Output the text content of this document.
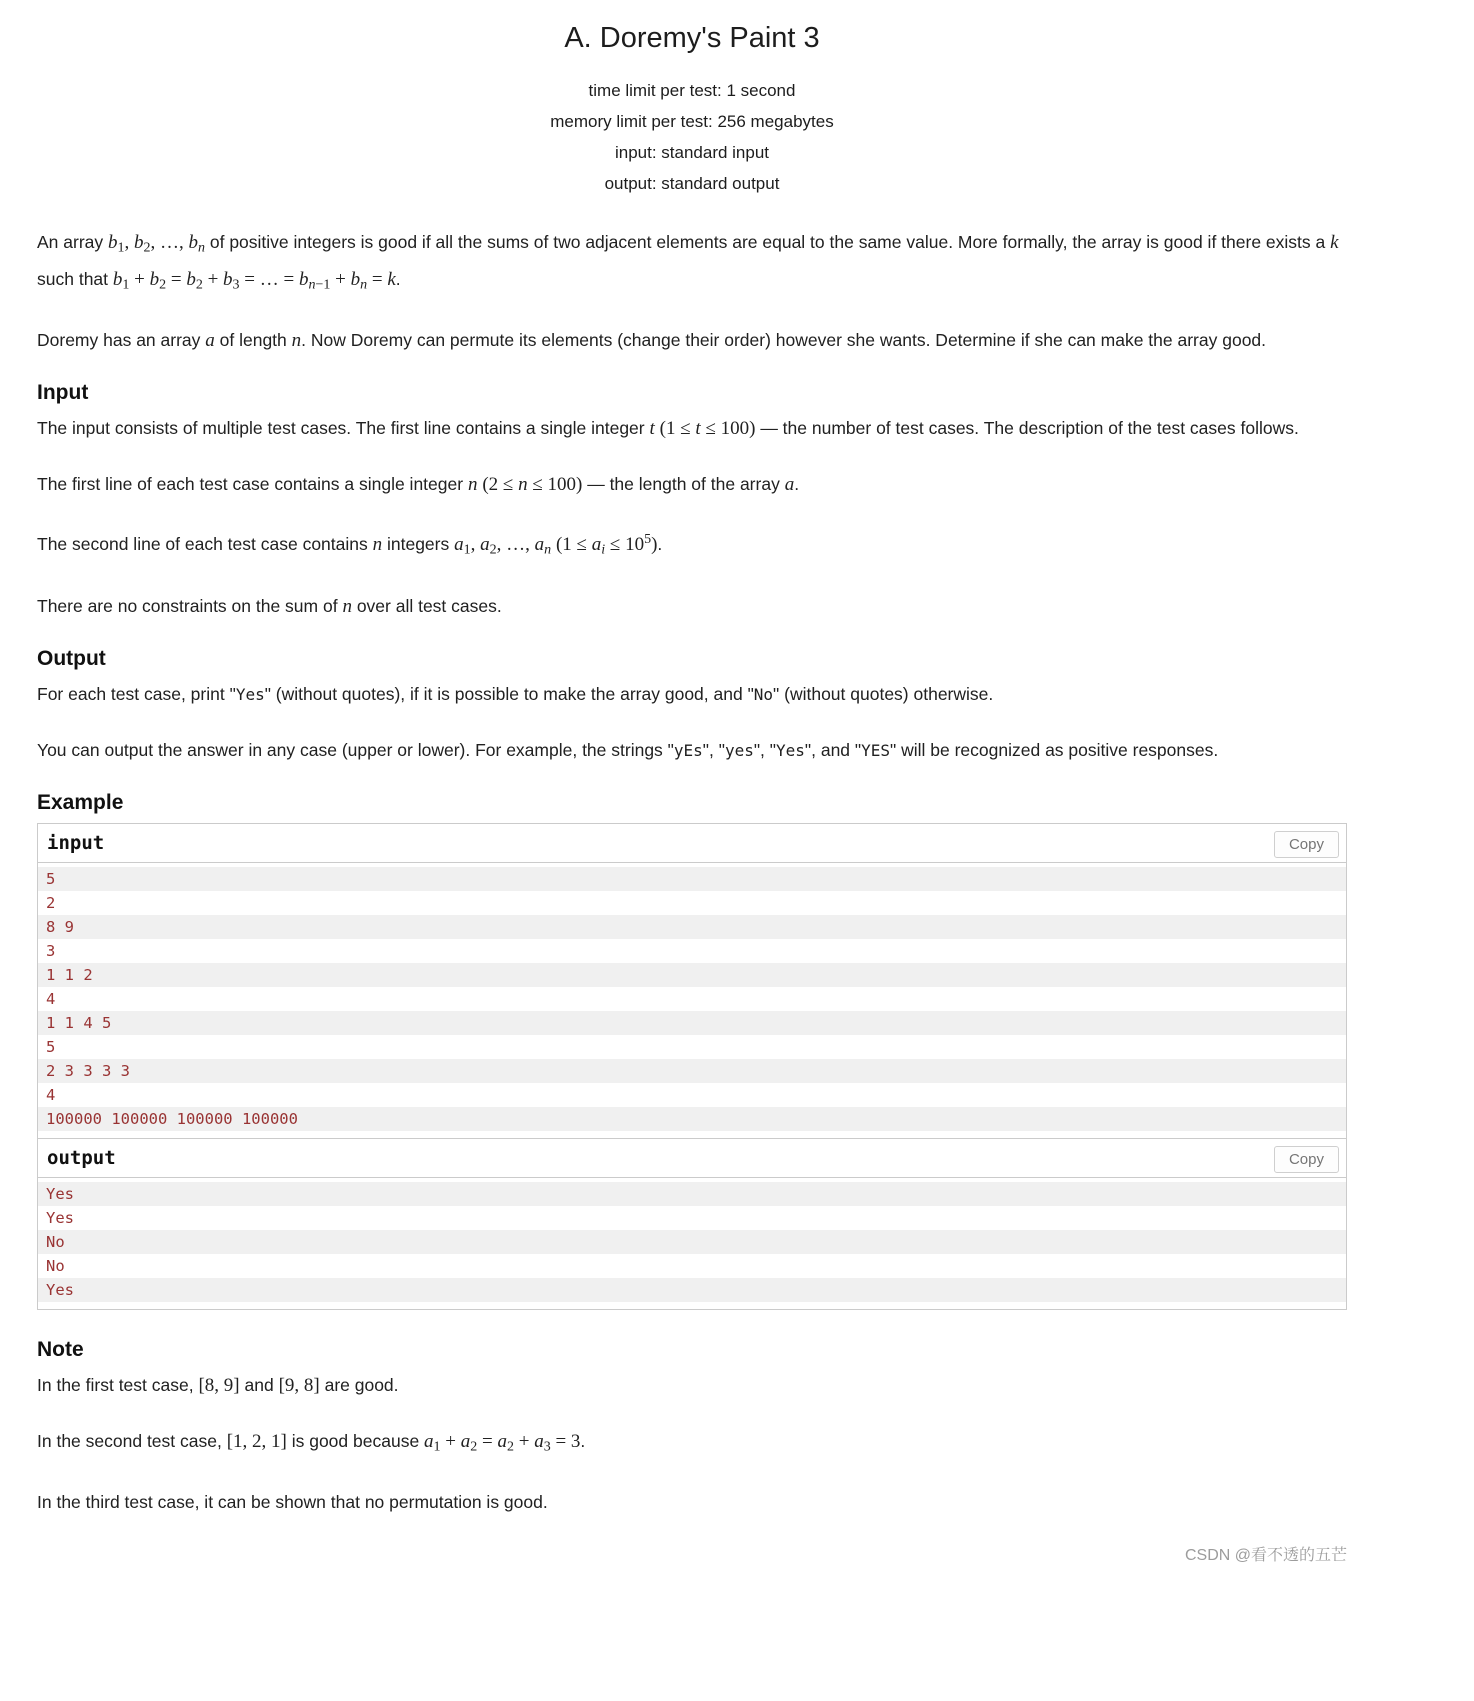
A. Doremy's Paint 3
time limit per test: 1 second
memory limit per test: 256 megabytes
input: standard input
output: standard output

An array $b_1$, $b_2$, …, $b_n$ of positive integers is good if all the sums of two adjacent elements are equal to the same value. More formally, the array is good if there exists a k such that $b_1 + b_2 = b_2 + b_3$ = … = $b_{n-1} + b_n = k$.

Doremy has an array a of length n. Now Doremy can permute its elements (change their order) however she wants. Determine if she can make the array good.

Input

The input consists of multiple test cases. The first line contains a single integer t (1 ≤ t ≤ 100) — the number of test cases. The description of the test cases follows.

The first line of each test case contains a single integer n (2 ≤ n ≤ 100) — the length of the array a.

The second line of each test case contains n integers $a_1$, $a_2$, …, $a_n$ $(1 \le a_i \le 10^5)$.

There are no constraints on the sum of n over all test cases.

Output

For each test case, print "Yes" (without quotes), if it is possible to make the array good, and "No" (without quotes) otherwise.

You can output the answer in any case (upper or lower). For example, the strings "yEs", "yes", "Yes", and "YES" will be recognized as positive responses.

Example
input	Copy
5
2
8 9
3
1 1 2
4
1 1 4 5
5
2 3 3 3 3
4
100000 100000 100000 100000
output	Copy
Yes
Yes
No
No
Yes
Note

In the first test case, [8, 9] and [9, 8] are good.

In the second test case, [1, 2, 1] is good because $a_1 + a_2 = a_2 + a_3 = 3$.

In the third test case, it can be shown that no permutation is good.

CSDN @看不透的五芒
